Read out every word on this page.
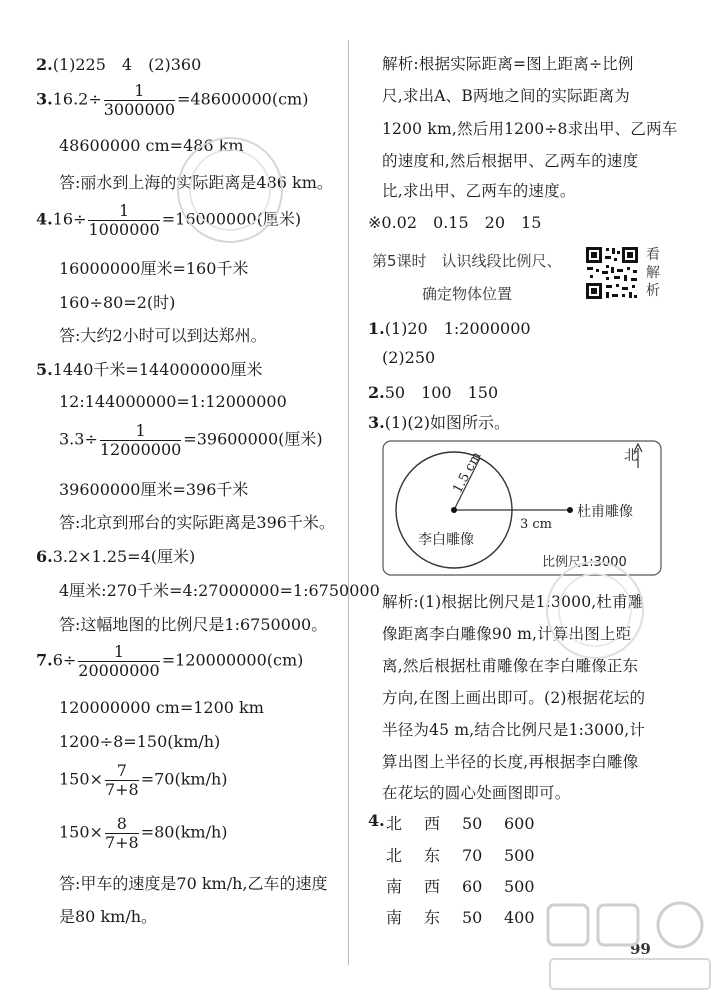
2.(1)225　4　(2)360
$3.16.2\div \frac{1}{3000000} =48600000(cm)$
48600000 cm=486 km
答:丽水到上海的实际距离是486 km。
$4.16\div \frac{1}{1000000} =16000000$(厘米)
16000000厘米=160千米
160÷80=2(时)
答:大约2小时可以到达郑州。
5.1440千米=144000000厘米
12:144000000=1:12000000
$3.3\div \frac{1}{12000000} =39600000$(厘米)
39600000厘米=396千米
答:北京到邢台的实际距离是396千米。
6.3.2×1.25=4(厘米)
4厘米:270千米=4:27000000=1:6750000
答:这幅地图的比例尺是1:6750000。
$7.6\div \frac{1}{20000000} =120000000(cm)$
120000000 cm=1200 km
1200÷8=150(km/h)
$150\times \frac{7}{7+8} =70(km/h)$
$150\times \frac{8}{7+8} =80(km/h)$
答:甲车的速度是70 km/h,乙车的速度
是80 km/h。
解析:根据实际距离=图上距离÷比例
尺,求出A、B两地之间的实际距离为
1200 km,然后用1200÷8求出甲、乙两车
的速度和,然后根据甲、乙两车的速度
比,求出甲、乙两车的速度。
※0.02　0.15　20　15
第5课时　认识线段比例尺、
确定物体位置
看解析
1.(1)20　1:2000000
(2)250
2.50　100　150
3.(1)(2)如图所示。
北
1.5 cm
3 cm
李白雕像
杜甫雕像
比例尺1:3000
解析:(1)根据比例尺是1:3000,杜甫雕
像距离李白雕像90 m,计算出图上距
离,然后根据杜甫雕像在李白雕像正东
方向,在图上画出即可。(2)根据花坛的
半径为45 m,结合比例尺是1:3000,计
算出图上半径的长度,再根据李白雕像
在花坛的圆心处画图即可。
4. 北 西 50 600
北 东 70 500
南 西 60 500
南 东 50 400
99
